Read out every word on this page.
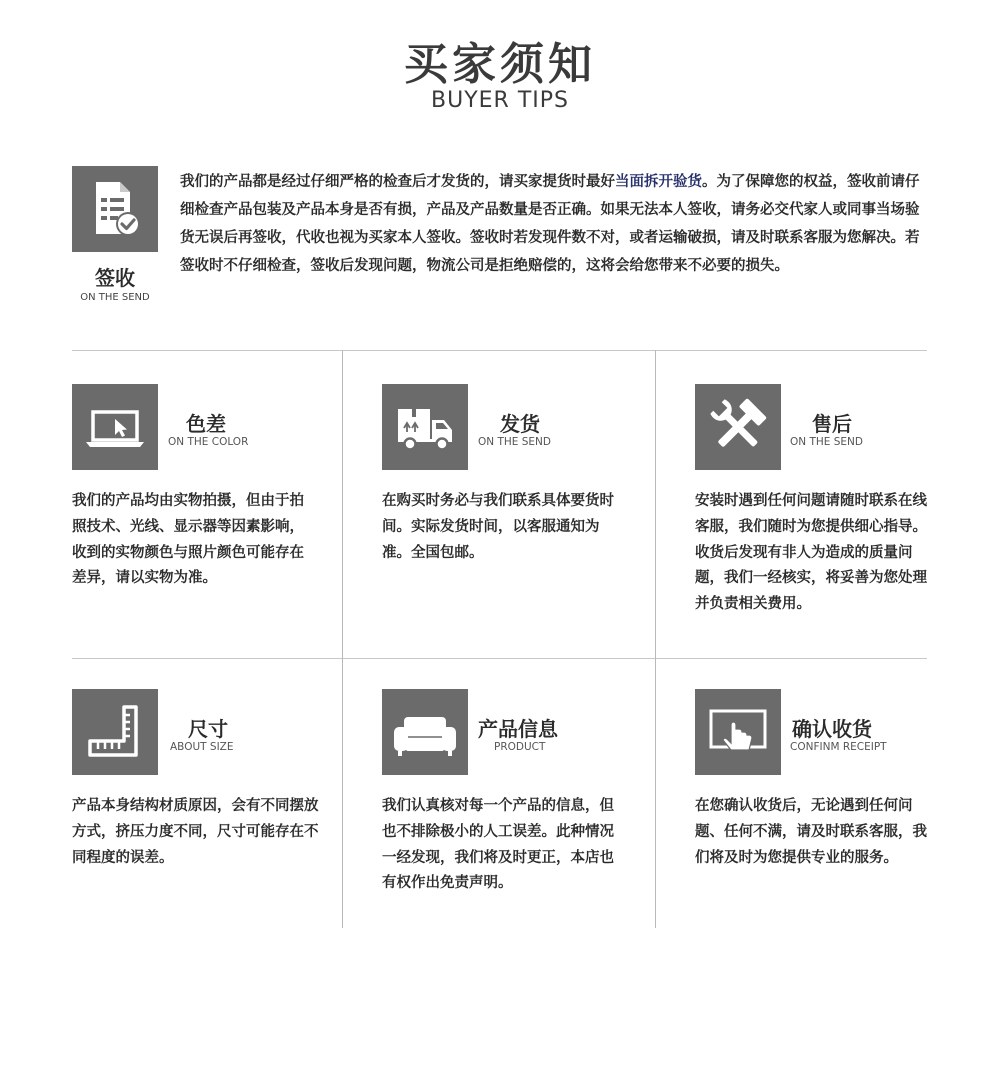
买家须知
BUYER TIPS
签收
ON THE SEND
我们的产品都是经过仔细严格的检查后才发货的，请买家提货时最好当面拆开验货。为了保障您的权益，签收前请仔细检查产品包装及产品本身是否有损，产品及产品数量是否正确。如果无法本人签收，请务必交代家人或同事当场验货无误后再签收，代收也视为买家本人签收。签收时若发现件数不对，或者运输破损，请及时联系客服为您解决。若签收时不仔细检查，签收后发现问题，物流公司是拒绝赔偿的，这将会给您带来不必要的损失。
色差
ON THE COLOR
我们的产品均由实物拍摄，但由于拍照技术、光线、显示器等因素影响，收到的实物颜色与照片颜色可能存在差异，请以实物为准。
发货
ON THE SEND
在购买时务必与我们联系具体要货时间。实际发货时间，以客服通知为准。全国包邮。
售后
ON THE SEND
安装时遇到任何问题请随时联系在线客服，我们随时为您提供细心指导。收货后发现有非人为造成的质量问题，我们一经核实，将妥善为您处理并负责相关费用。
尺寸
ABOUT SIZE
产品本身结构材质原因，会有不同摆放方式，挤压力度不同，尺寸可能存在不同程度的误差。
产品信息
PRODUCT
我们认真核对每一个产品的信息，但也不排除极小的人工误差。此种情况一经发现，我们将及时更正，本店也有权作出免责声明。
确认收货
CONFINM RECEIPT
在您确认收货后，无论遇到任何问题、任何不满，请及时联系客服，我们将及时为您提供专业的服务。
